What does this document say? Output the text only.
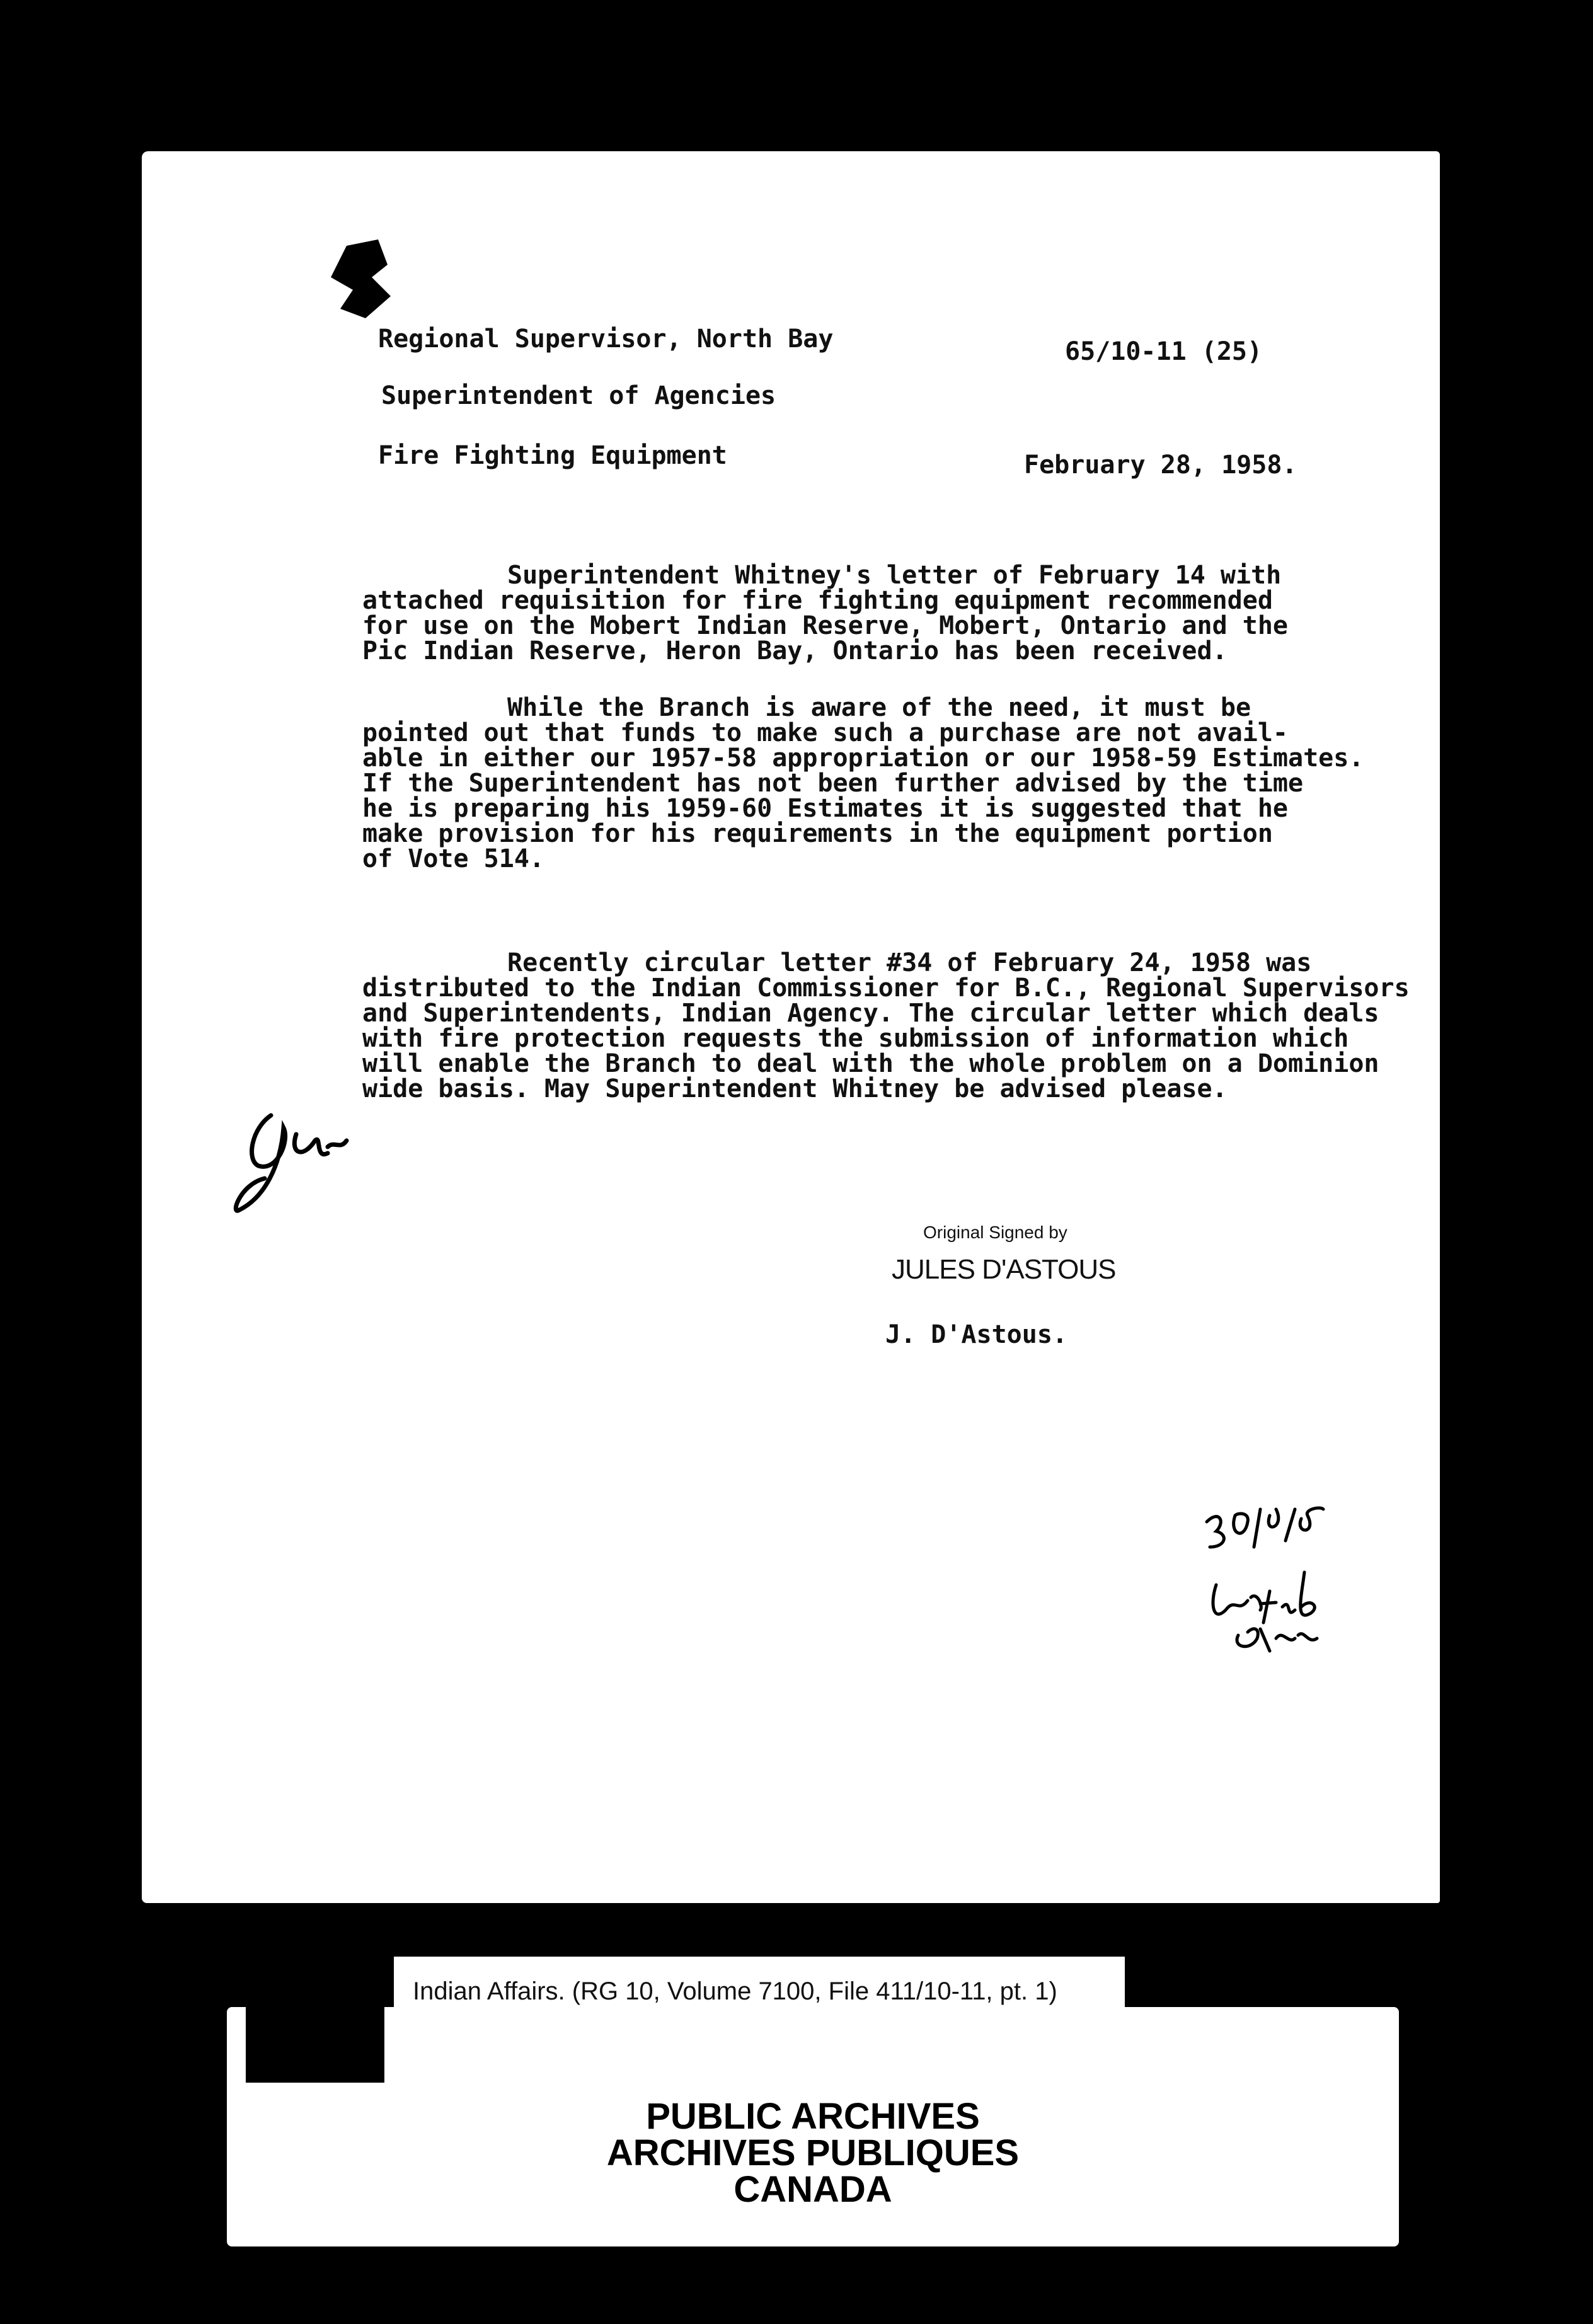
Regional Supervisor, North Bay	65/10-11 (25)
Superintendent of Agencies
Fire Fighting Equipment	February 28, 1958.
Superintendent Whitney's letter of February 14 with
attached requisition for fire fighting equipment recommended
for use on the Mobert Indian Reserve, Mobert, Ontario and the
Pic Indian Reserve, Heron Bay, Ontario has been received.
While the Branch is aware of the need, it must be
pointed out that funds to make such a purchase are not avail-
able in either our 1957-58 appropriation or our 1958-59 Estimates.
If the Superintendent has not been further advised by the time
he is preparing his 1959-60 Estimates it is suggested that he
make provision for his requirements in the equipment portion
of Vote 514.
Recently circular letter #34 of February 24, 1958 was
distributed to the Indian Commissioner for B.C., Regional Supervisors
and Superintendents, Indian Agency. The circular letter which deals
with fire protection requests the submission of information which
will enable the Branch to deal with the whole problem on a Dominion
wide basis. May Superintendent Whitney be advised please.
Original Signed by
JULES D'ASTOUS
J. D'Astous.
30/5/58
Indian Affairs. (RG 10, Volume 7100, File 411/10-11, pt. 1)
PUBLIC ARCHIVES
ARCHIVES PUBLIQUES
CANADA
